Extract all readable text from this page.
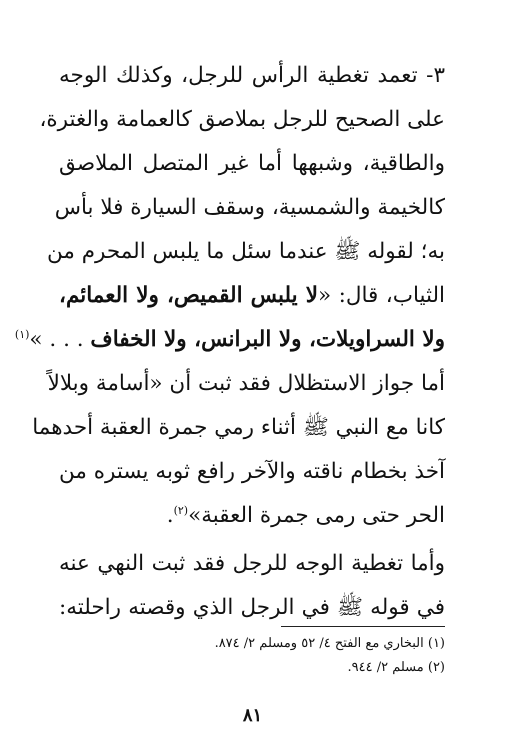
٣- تعمد تغطية الرأس للرجل، وكذلك الوجه
على الصحيح للرجل بملاصق كالعمامة والغترة،
والطاقية، وشبهها أما غير المتصل الملاصق
كالخيمة والشمسية، وسقف السيارة فلا بأس
به؛ لقوله ﷺ عندما سئل ما يلبس المحرم من
الثياب، قال: «لا يلبس القميص، ولا العمائم،
ولا السراويلات، ولا البرانس، ولا الخفاف . . . »$^{(١)}$
أما جواز الاستظلال فقد ثبت أن «أسامة وبلالاً
كانا مع النبي ﷺ أثناء رمي جمرة العقبة أحدهما
آخذ بخطام ناقته والآخر رافع ثوبه يستره من
الحر حتى رمى جمرة العقبة»$^{(٢)}$.
وأما تغطية الوجه للرجل فقد ثبت النهي عنه
في قوله ﷺ في الرجل الذي وقصته راحلته:
(١) البخاري مع الفتح ٤/ ٥٢ ومسلم ٢/ ٨٧٤.
(٢) مسلم ٢/ ٩٤٤.
٨١
